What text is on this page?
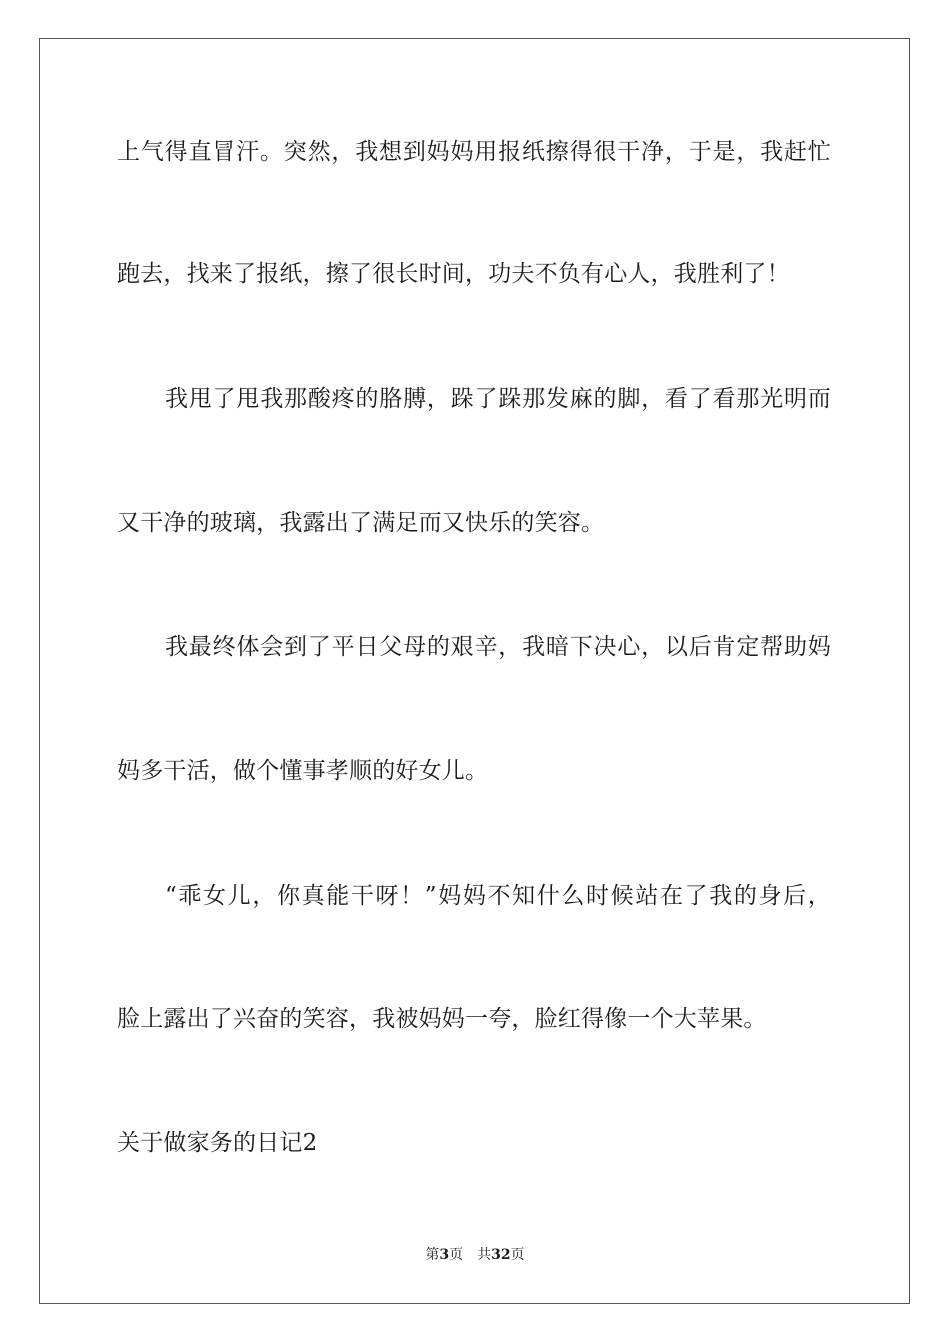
上气得直冒汗。突然，我想到妈妈用报纸擦得很干净，于是，我赶忙
跑去，找来了报纸，擦了很长时间，功夫不负有心人，我胜利了！
我甩了甩我那酸疼的胳膊，跺了跺那发麻的脚，看了看那光明而
又干净的玻璃，我露出了满足而又快乐的笑容。
我最终体会到了平日父母的艰辛，我暗下决心，以后肯定帮助妈
妈多干活，做个懂事孝顺的好女儿。
“乖女儿，你真能干呀！”妈妈不知什么时候站在了我的身后，
脸上露出了兴奋的笑容，我被妈妈一夸，脸红得像一个大苹果。
关于做家务的日记2
第3页 共32页
